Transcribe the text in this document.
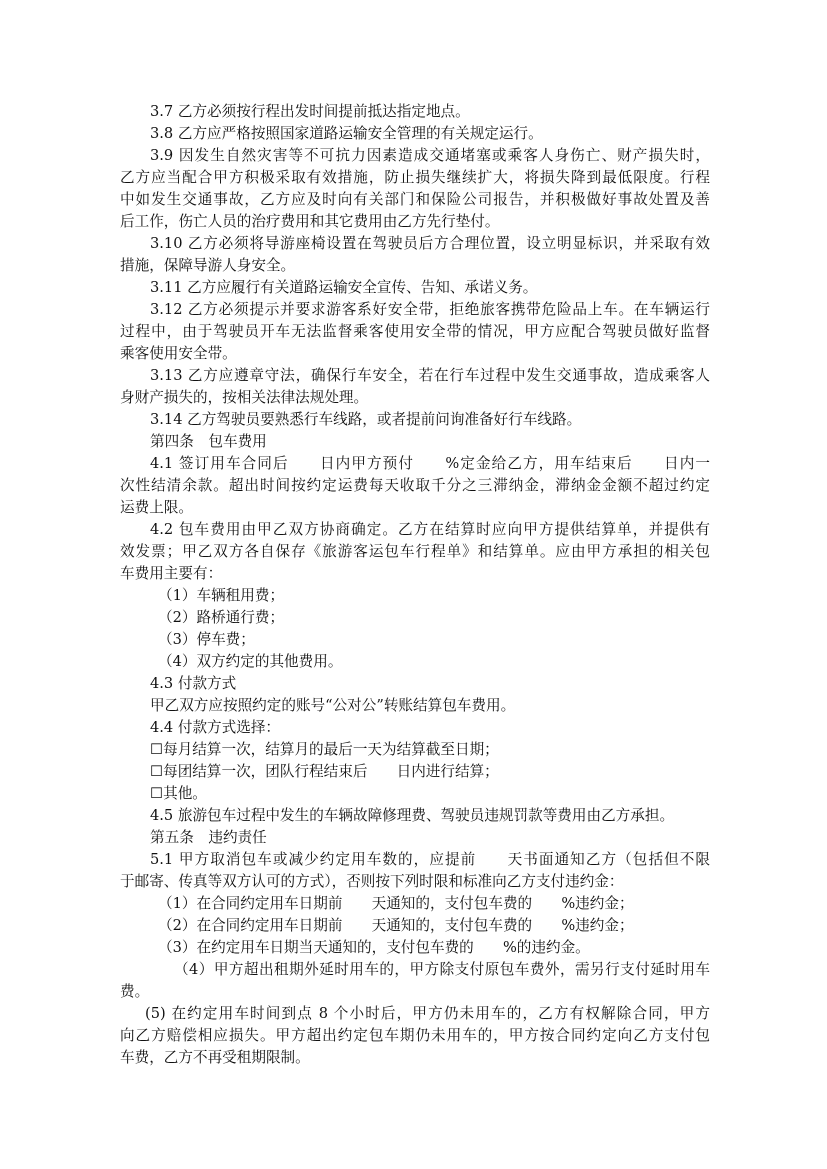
3.7 乙方必须按行程出发时间提前抵达指定地点。
3.8 乙方应严格按照国家道路运输安全管理的有关规定运行。
3.9 因发生自然灾害等不可抗力因素造成交通堵塞或乘客人身伤亡、财产损失时，
乙方应当配合甲方积极采取有效措施，防止损失继续扩大，将损失降到最低限度。行程
中如发生交通事故，乙方应及时向有关部门和保险公司报告，并积极做好事故处置及善
后工作，伤亡人员的治疗费用和其它费用由乙方先行垫付。
3.10 乙方必须将导游座椅设置在驾驶员后方合理位置，设立明显标识，并采取有效
措施，保障导游人身安全。
3.11 乙方应履行有关道路运输安全宣传、告知、承诺义务。
3.12 乙方必须提示并要求游客系好安全带，拒绝旅客携带危险品上车。在车辆运行
过程中，由于驾驶员开车无法监督乘客使用安全带的情况，甲方应配合驾驶员做好监督
乘客使用安全带。
3.13 乙方应遵章守法，确保行车安全，若在行车过程中发生交通事故，造成乘客人
身财产损失的，按相关法律法规处理。
3.14 乙方驾驶员要熟悉行车线路，或者提前问询准备好行车线路。
第四条　包车费用
4.1 签订用车合同后　　日内甲方预付　　%定金给乙方，用车结束后　　日内一
次性结清余款。超出时间按约定运费每天收取千分之三滞纳金，滞纳金金额不超过约定
运费上限。
4.2 包车费用由甲乙双方协商确定。乙方在结算时应向甲方提供结算单，并提供有
效发票；甲乙双方各自保存《旅游客运包车行程单》和结算单。应由甲方承担的相关包
车费用主要有：
（1）车辆租用费；
（2）路桥通行费；
（3）停车费；
（4）双方约定的其他费用。
4.3 付款方式
甲乙双方应按照约定的账号“公对公”转账结算包车费用。
4.4 付款方式选择：
☐每月结算一次，结算月的最后一天为结算截至日期；
☐每团结算一次，团队行程结束后　　日内进行结算；
☐其他。
4.5 旅游包车过程中发生的车辆故障修理费、驾驶员违规罚款等费用由乙方承担。
第五条　违约责任
5.1 甲方取消包车或减少约定用车数的，应提前　　天书面通知乙方（包括但不限
于邮寄、传真等双方认可的方式），否则按下列时限和标准向乙方支付违约金：
（1）在合同约定用车日期前　　天通知的，支付包车费的　　%违约金；
（2）在合同约定用车日期前　　天通知的，支付包车费的　　%违约金；
（3）在约定用车日期当天通知的，支付包车费的　　%的违约金。
（4）甲方超出租期外延时用车的，甲方除支付原包车费外，需另行支付延时用车
费。
(5) 在约定用车时间到点 8 个小时后，甲方仍未用车的，乙方有权解除合同，甲方
向乙方赔偿相应损失。甲方超出约定包车期仍未用车的，甲方按合同约定向乙方支付包
车费，乙方不再受租期限制。
